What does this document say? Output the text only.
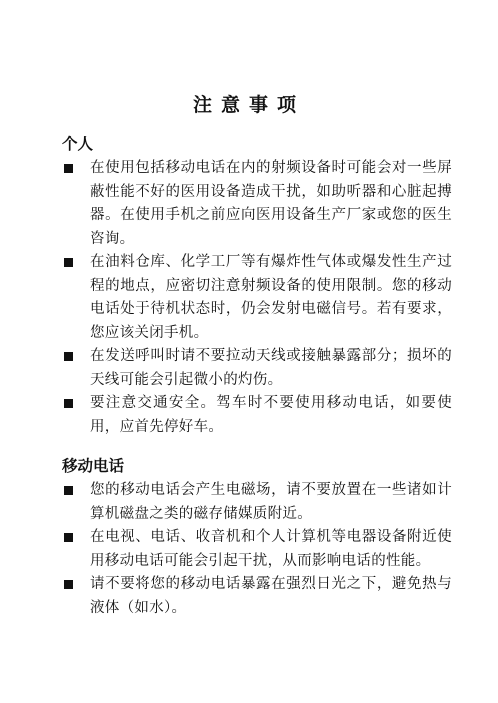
注意事项
个人
在使用包括移动电话在内的射频设备时可能会对一些屏蔽性能不好的医用设备造成干扰，如助听器和心脏起搏器。在使用手机之前应向医用设备生产厂家或您的医生咨询。
在油料仓库、化学工厂等有爆炸性气体或爆发性生产过程的地点，应密切注意射频设备的使用限制。您的移动电话处于待机状态时，仍会发射电磁信号。若有要求，您应该关闭手机。
在发送呼叫时请不要拉动天线或接触暴露部分；损坏的天线可能会引起微小的灼伤。
要注意交通安全。驾车时不要使用移动电话，如要使用，应首先停好车。
移动电话
您的移动电话会产生电磁场，请不要放置在一些诸如计算机磁盘之类的磁存储媒质附近。
在电视、电话、收音机和个人计算机等电器设备附近使用移动电话可能会引起干扰，从而影响电话的性能。
请不要将您的移动电话暴露在强烈日光之下，避免热与液体（如水）。
